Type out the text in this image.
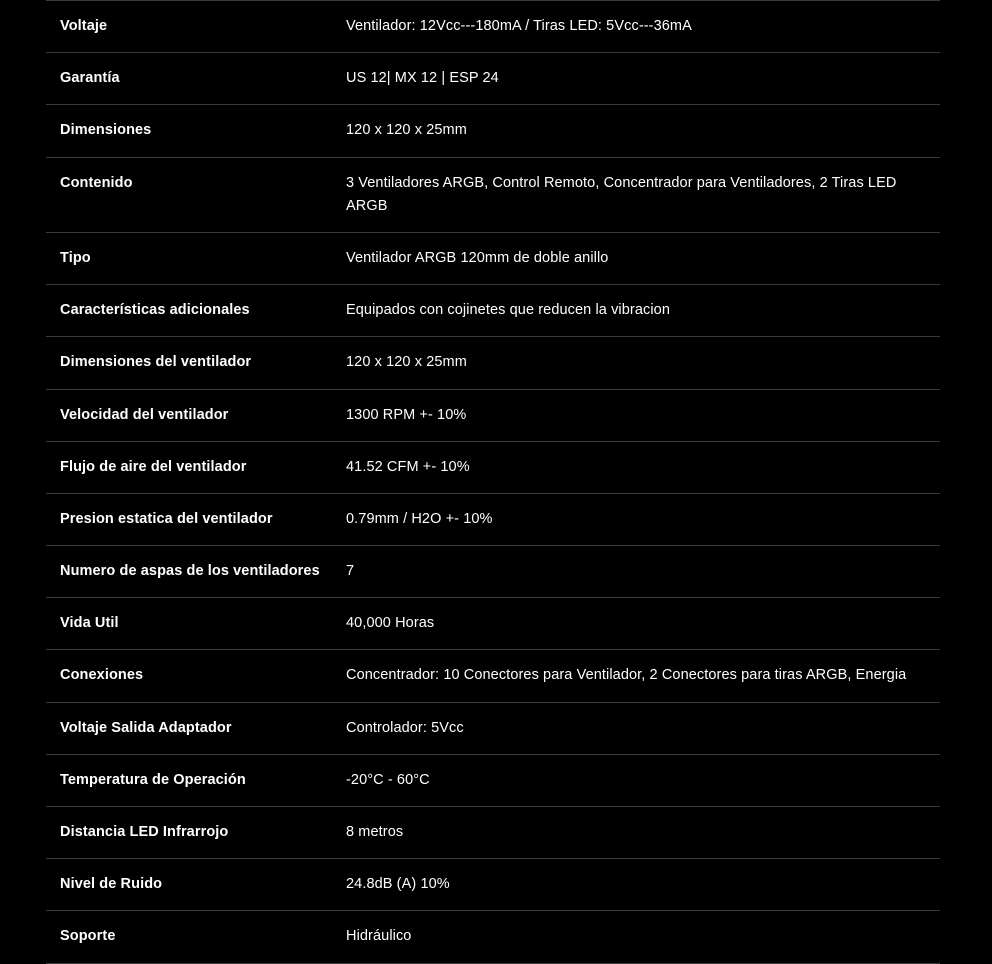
Voltaje	Ventilador: 12Vcc---180mA / Tiras LED: 5Vcc---36mA
Garantía	US 12| MX 12 | ESP 24
Dimensiones	120 x 120 x 25mm
Contenido	3 Ventiladores ARGB, Control Remoto, Concentrador para Ventiladores, 2 Tiras LED ARGB
Tipo	Ventilador ARGB 120mm de doble anillo
Características adicionales	Equipados con cojinetes que reducen la vibracion
Dimensiones del ventilador	120 x 120 x 25mm
Velocidad del ventilador	1300 RPM +- 10%
Flujo de aire del ventilador	41.52 CFM +- 10%
Presion estatica del ventilador	0.79mm / H2O +- 10%
Numero de aspas de los ventiladores	7
Vida Util	40,000 Horas
Conexiones	Concentrador: 10 Conectores para Ventilador, 2 Conectores para tiras ARGB, Energia
Voltaje Salida Adaptador	Controlador: 5Vcc
Temperatura de Operación	-20°C - 60°C
Distancia LED Infrarrojo	8 metros
Nivel de Ruido	24.8dB (A) 10%
Soporte	Hidráulico
